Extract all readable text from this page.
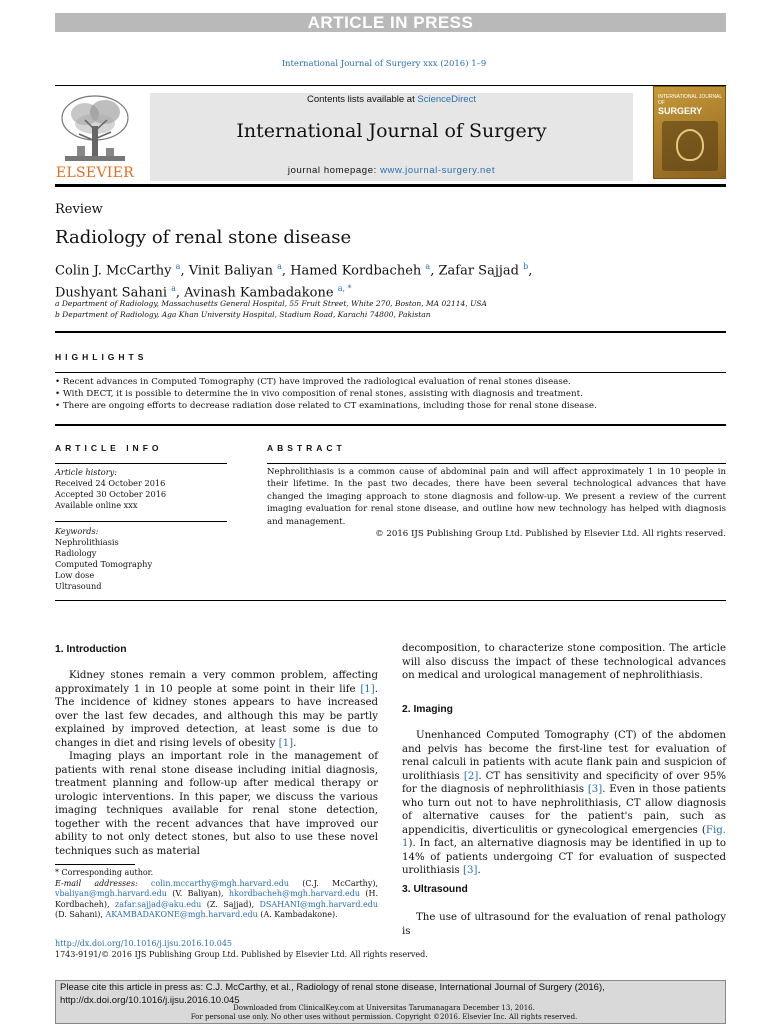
ARTICLE IN PRESS
International Journal of Surgery xxx (2016) 1–9
Contents lists available at ScienceDirect
International Journal of Surgery
journal homepage: www.journal-surgery.net
ELSEVIER
INTERNATIONAL JOURNAL OF
SURGERY
Review
Radiology of renal stone disease
Colin J. McCarthy $^a$, Vinit Baliyan $^a$, Hamed Kordbacheh $^a$, Zafar Sajjad $^b$,
Dushyant Sahani $^a$, Avinash Kambadakone $^{a, *}$
a Department of Radiology, Massachusetts General Hospital, 55 Fruit Street, White 270, Boston, MA 02114, USA
b Department of Radiology, Aga Khan University Hospital, Stadium Road, Karachi 74800, Pakistan
HIGHLIGHTS
• Recent advances in Computed Tomography (CT) have improved the radiological evaluation of renal stones disease.
• With DECT, it is possible to determine the in vivo composition of renal stones, assisting with diagnosis and treatment.
• There are ongoing efforts to decrease radiation dose related to CT examinations, including those for renal stone disease.
ARTICLE INFO
Article history:
Received 24 October 2016
Accepted 30 October 2016
Available online xxx
Keywords:
Nephrolithiasis
Radiology
Computed Tomography
Low dose
Ultrasound
ABSTRACT
Nephrolithiasis is a common cause of abdominal pain and will affect approximately 1 in 10 people in their lifetime. In the past two decades, there have been several technological advances that have changed the imaging approach to stone diagnosis and follow-up. We present a review of the current imaging evaluation for renal stone disease, and outline how new technology has helped with diagnosis and management.
© 2016 IJS Publishing Group Ltd. Published by Elsevier Ltd. All rights reserved.
1. Introduction

Kidney stones remain a very common problem, affecting approximately 1 in 10 people at some point in their life [1]. The incidence of kidney stones appears to have increased over the last few decades, and although this may be partly explained by improved detection, at least some is due to changes in diet and rising levels of obesity [1].

Imaging plays an important role in the management of patients with renal stone disease including initial diagnosis, treatment planning and follow-up after medical therapy or urologic interventions. In this paper, we discuss the various imaging techniques available for renal stone detection, together with the recent advances that have improved our ability to not only detect stones, but also to use these novel techniques such as material

decomposition, to characterize stone composition. The article will also discuss the impact of these technological advances on medical and urological management of nephrolithiasis.
2. Imaging

Unenhanced Computed Tomography (CT) of the abdomen and pelvis has become the first-line test for evaluation of renal calculi in patients with acute flank pain and suspicion of urolithiasis [2]. CT has sensitivity and specificity of over 95% for the diagnosis of nephrolithiasis [3]. Even in those patients who turn out not to have nephrolithiasis, CT allow diagnosis of alternative causes for the patient's pain, such as appendicitis, diverticulitis or gynecological emergencies (Fig. 1). In fact, an alternative diagnosis may be identified in up to 14% of patients undergoing CT for evaluation of suspected urolithiasis [3].

3. Ultrasound

The use of ultrasound for the evaluation of renal pathology is

* Corresponding author.
E-mail addresses: colin.mccarthy@mgh.harvard.edu (C.J. McCarthy), vbaliyan@mgh.harvard.edu (V. Baliyan), hkordbacheh@mgh.harvard.edu (H. Kordbacheh), zafar.sajjad@aku.edu (Z. Sajjad), DSAHANI@mgh.harvard.edu (D. Sahani), AKAMBADAKONE@mgh.harvard.edu (A. Kambadakone).
http://dx.doi.org/10.1016/j.ijsu.2016.10.045
1743-9191/© 2016 IJS Publishing Group Ltd. Published by Elsevier Ltd. All rights reserved.
Please cite this article in press as: C.J. McCarthy, et al., Radiology of renal stone disease, International Journal of Surgery (2016), http://dx.doi.org/10.1016/j.ijsu.2016.10.045
Downloaded from ClinicalKey.com at Universitas Tarumanagara December 13, 2016.
For personal use only. No other uses without permission. Copyright ©2016. Elsevier Inc. All rights reserved.
